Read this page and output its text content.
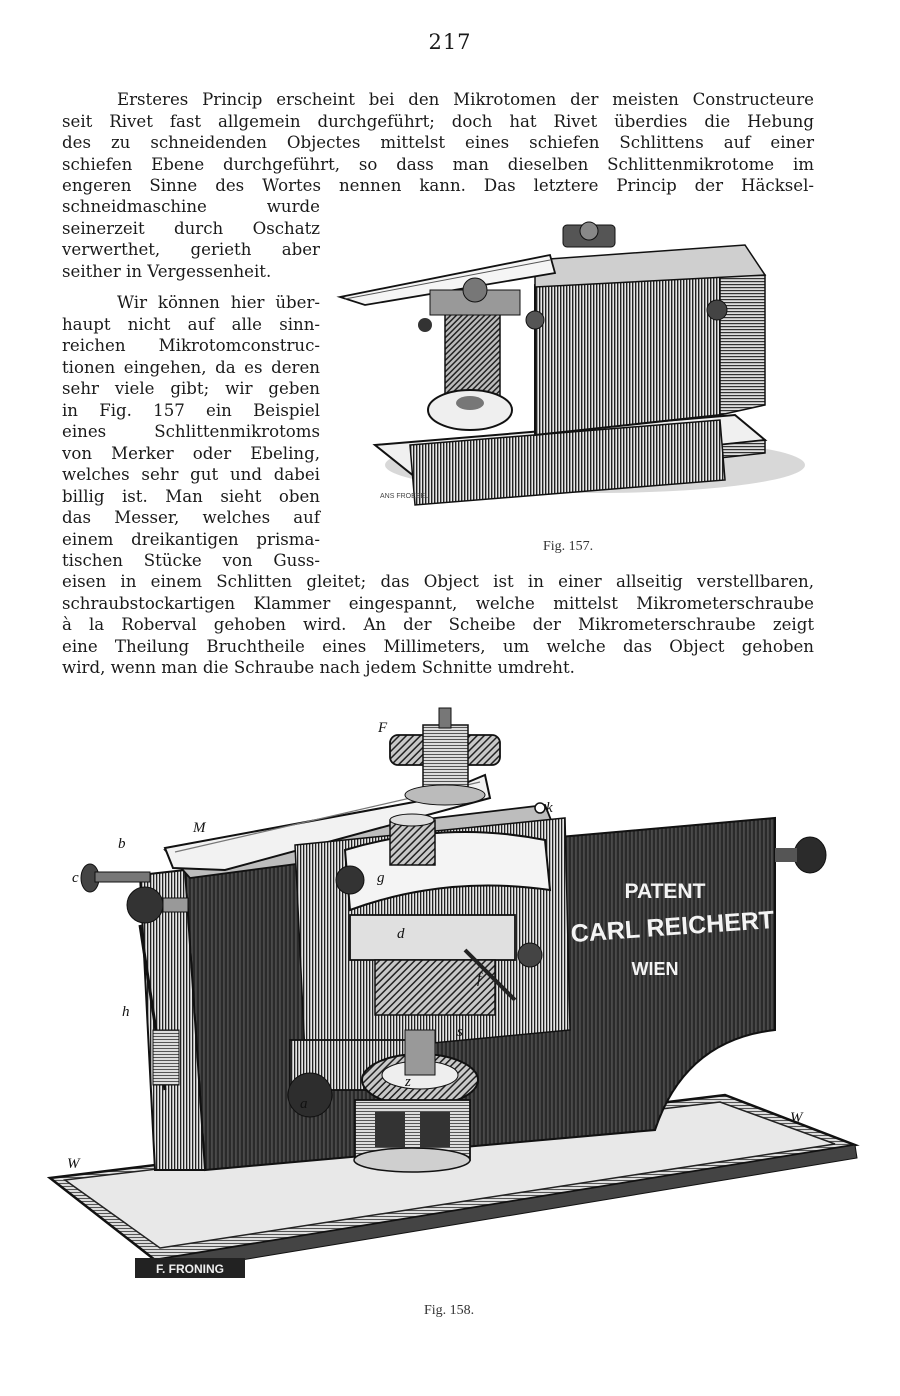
217
Ersteres Princip erscheint bei den Mikrotomen der meisten Constructeure
seit Rivet fast allgemein durchgeführt; doch hat Rivet überdies die Hebung
des zu schneidenden Objectes mittelst eines schiefen Schlittens auf einer
schiefen Ebene durchgeführt, so dass man dieselben Schlittenmikrotome im
engeren Sinne des Wortes nennen kann. Das letztere Princip der Häcksel-
schneidmaschine wurde
seinerzeit durch Oschatz
verwerthet, gerieth aber
seither in Vergessenheit.
Wir können hier über-
haupt nicht auf alle sinn-
reichen Mikrotomconstruc-
tionen eingehen, da es deren
sehr viele gibt; wir geben
in Fig. 157 ein Beispiel
eines Schlittenmikrotoms
von Merker oder Ebeling,
welches sehr gut und dabei
billig ist. Man sieht oben
das Messer, welches auf
einem dreikantigen prisma-
tischen Stücke von Guss-
eisen in einem Schlitten gleitet; das Object ist in einer allseitig verstellbaren,
schraubstockartigen Klammer eingespannt, welche mittelst Mikrometerschraube
à la Roberval gehoben wird. An der Scheibe der Mikrometerschraube zeigt
eine Theilung Bruchtheile eines Millimeters, um welche das Object gehoben
wird, wenn man die Schraube nach jedem Schnitte umdreht.
ANS FROEBEL
Fig. 157.
PATENT
CARL REICHERT
WIEN
F. FRONING
F
M
k
b
c	g
d
f
h
s
z
a
W
W
Fig. 158.
